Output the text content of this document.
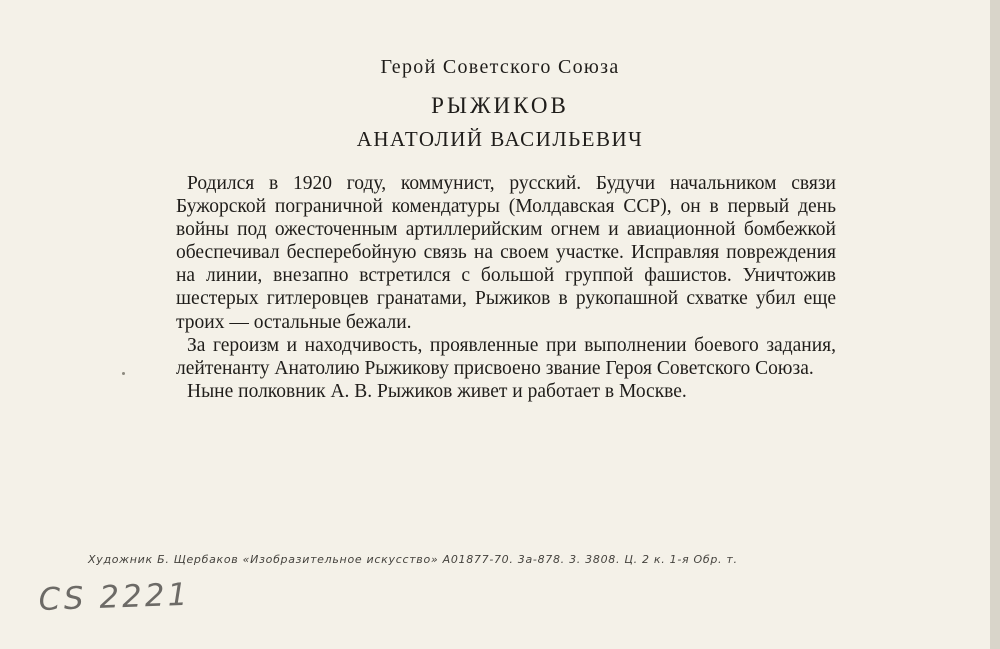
Герой Советского Союза
РЫЖИКОВ
АНАТОЛИЙ ВАСИЛЬЕВИЧ

Родился в 1920 году, коммунист, русский. Будучи начальником связи Бужорской пограничной комендатуры (Молдавская ССР), он в первый день войны под ожесточенным артиллерийским огнем и авиационной бомбежкой обеспечивал бесперебойную связь на своем участке. Исправляя повреждения на линии, внезапно встретился с большой группой фашистов. Уничтожив шестерых гитлеровцев гранатами, Рыжиков в рукопашной схватке убил еще троих — остальные бежали.

За героизм и находчивость, проявленные при выполнении боевого задания, лейтенанту Анатолию Рыжикову присвоено звание Героя Советского Союза.

Ныне полковник А. В. Рыжиков живет и работает в Москве.

Художник Б. Щербаков «Изобразительное искусство» А01877-70. 3а-878. 3. 3808. Ц. 2 к. 1-я Обр. т.
CS 2221
